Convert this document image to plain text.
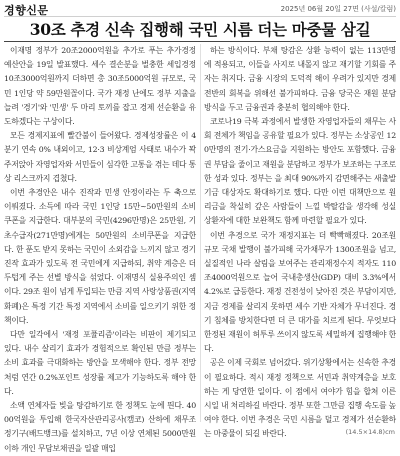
경향신문	2025년 06월 20일 27면 (사설/칼럼)
30조 추경 신속 집행해 국민 시름 더는 마중물 삼길

이재명 정부가 20조2000억원을 추가로 푸는 추가경정예산안을 19일 발표했다. 세수 결손분을 벌충한 세입경정 10조3000억원까지 더하면 총 30조5000억원 규모로, 국민 1인당 약 59만원꼴이다. 국가 재정 난에도 정부 지출을 늘려 '경기'와 '민생' 두 마리 토끼를 잡고 경제 선순환을 유도하겠다는 구상이다.

모든 경제지표에 빨간불이 들어왔다. 경제성장률은 이 4분기 연속 0% 내외이고, 12·3 비상계엄 사태로 내수가 꽉 주저앉아 자영업자와 서민들이 심각한 고통을 겪는 데다 통상 리스크까지 겹쳤다.

이번 추경안은 내수 진작과 민생 안정이라는 두 축으로 이뤄졌다. 소득에 따라 국민 1인당 15만~50만원의 소비쿠폰을 지급한다. 대부분의 국민(4296만명)은 25만원, 기초수급자(271만명)에게는 50만원의 소비쿠폰을 지급한다. 한 푼도 받지 못하는 국민이 소외감을 느끼지 않고 경기 진작 효과가 있도록 전 국민에게 지급하되, 취약 계층은 더 두텁게 주는 선별 방식을 섞었다. 이재명식 실용주의인 셈이다. 29조 원이 넘게 투입되는 만큼 지역 사랑상품권(지역화폐)은 특정 기간 특정 지역에서 소비를 일으키기 위한 정책이다.

다만 일각에서 '재정 포퓰리즘'이라는 비판이 제기되고 있다. 내수 살리기 효과가 경험적으로 확인된 만큼 정부는 소비 효과를 극대화하는 방안을 모색해야 한다. 정부 전망처럼 연간 0.2%포인트 성장률 제고가 기능하도록 해야 한다.

소액 연체자들 빚을 탕감하기로 한 정책도 눈에 띈다. 4000억원을 투입해 한국자산관리공사(캠코) 산하에 채무조정기구(배드뱅크)를 설치하고, 7년 이상 연체된 5000만원 이하 개인 무담보채권을 일괄 매입

하는 방식이다. 부채 탕감은 상환 능력이 없는 113만명에 적용되고, 이들을 사지로 내몰지 않고 재기할 기회를 주자는 취지다. 금융 시장의 도덕적 해이 우려가 있지만 경제 전반의 회복을 위해선 불가피하다. 금융 당국은 재원 분담 방식을 두고 금융권과 충분히 협의해야 한다.

코로나19 극복 과정에서 발생한 자영업자들의 채무는 사회 전체가 책임을 공유할 필요가 있다. 정부는 소상공인 120만명의 전기·가스요금을 지원하는 방안도 포함했다. 금융권 부담을 줄이고 재원을 분담하고 정부가 보조하는 구조로 한 성과 있다. 정부는 을 최대 90%까지 감면해주는 새출발기금 대상자도 확대하기로 했다. 다만 이런 대책만으로 원리금을 착실히 갚은 사람들이 느낄 박탈감을 생각해 성실 상환자에 대한 보완책도 함께 마련할 필요가 있다.

이번 추경으로 국가 재정지표는 더 빡빡해졌다. 20조원 규모 국채 발행이 불가피해 국가채무가 1300조원을 넘고, 실질적인 나라 살림을 보여주는 관리재정수지 적자도 110조4000억원으로 늘어 국내총생산(GDP) 대비 3.3%에서 4.2%로 급등한다. 재정 건전성이 낮아진 것은 부담이지만, 지금 경제를 살리지 못하면 세수 기반 자체가 무너진다. 경기 침체를 방치한다면 더 큰 대가를 치르게 된다. 무엇보다 한정된 재원이 허투루 쓰이지 않도록 세밀하게 집행해야 한다.

공은 이제 국회로 넘어갔다. 위기상황에서는 신속한 추경이 필요하다. 적시 재정 정책으로 서민과 취약계층을 보호하는 게 당연한 일이다. 이 점에서 여야가 힘을 합쳐 이른 시일 내 처리하길 바란다. 정부 또한 그만큼 집행 속도를 높여야 한다. 이번 추경은 국민 시름을 덜고 경제가 선순환하는 마중물이 되길 바란다.	(14.5×14.8)cm
